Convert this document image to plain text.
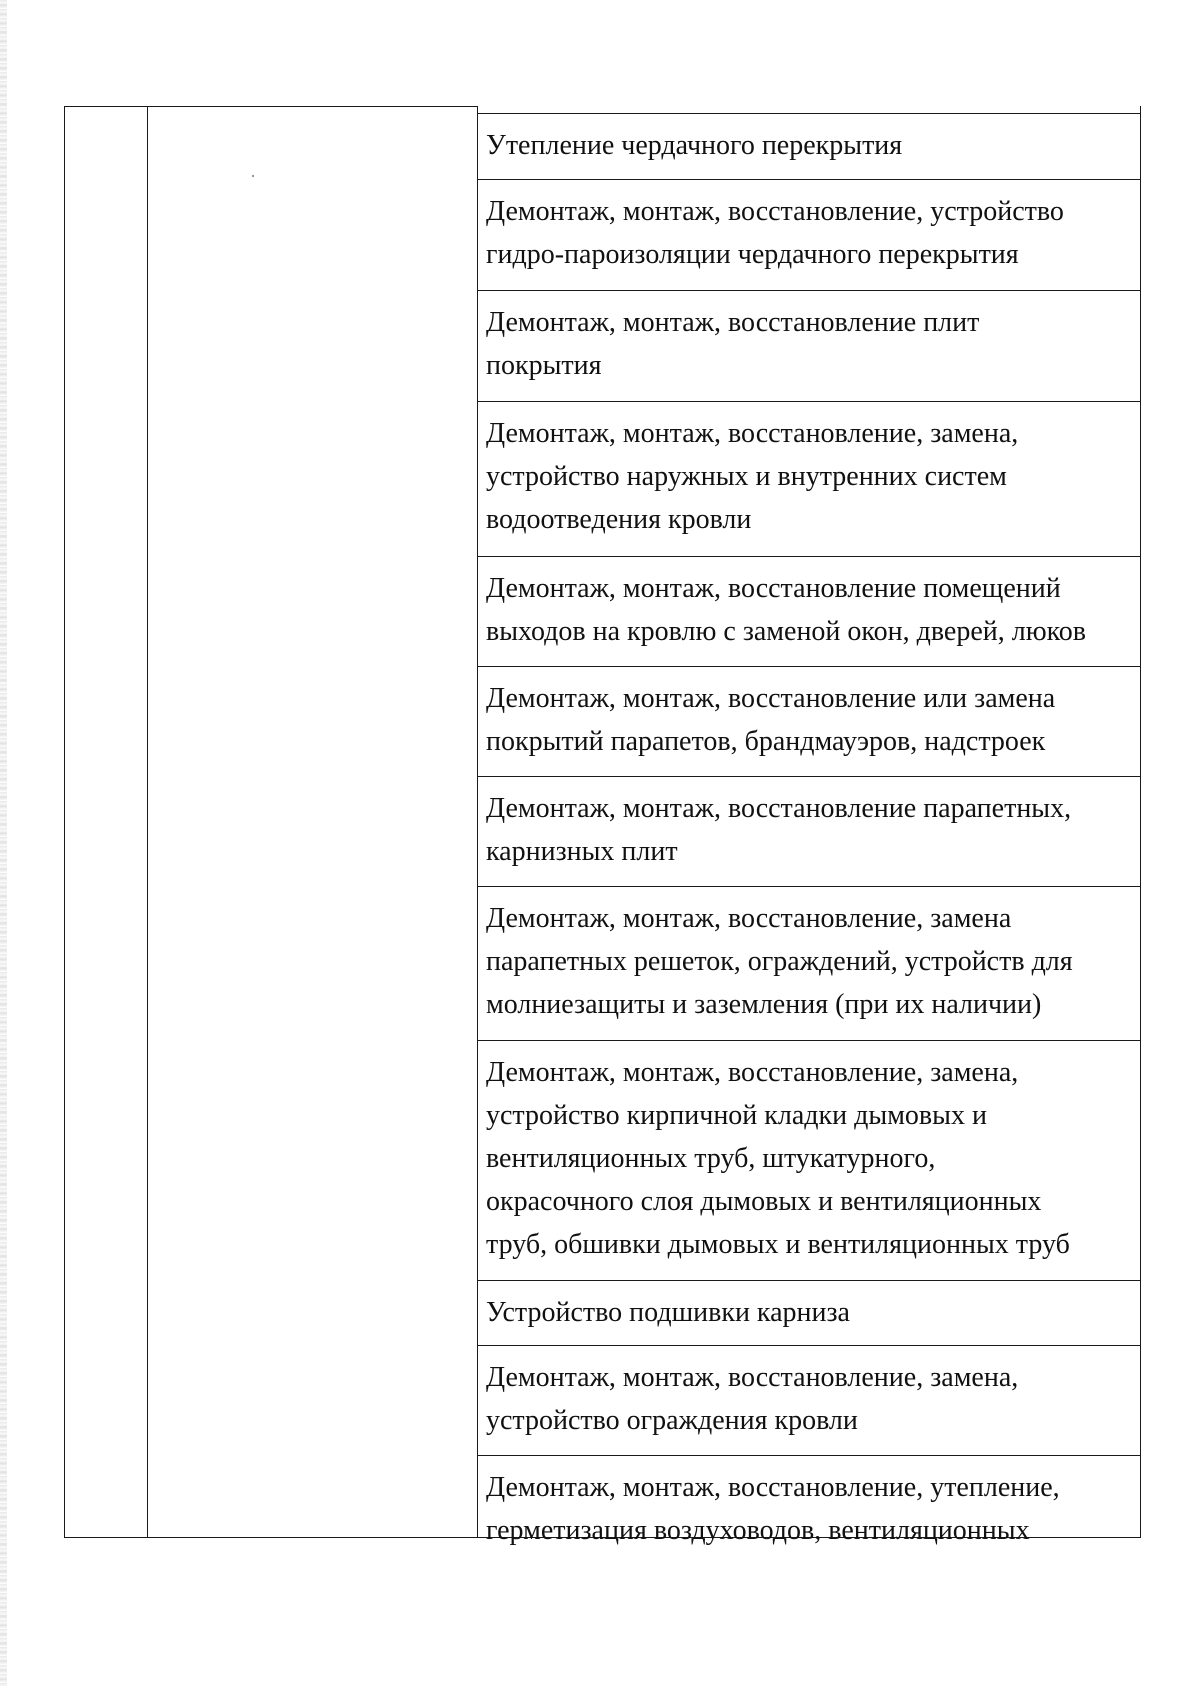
Утепление чердачного перекрытия
Демонтаж, монтаж, восстановление, устройство
гидро-пароизоляции чердачного перекрытия
Демонтаж, монтаж, восстановление плит
покрытия
Демонтаж, монтаж, восстановление, замена,
устройство наружных и внутренних систем
водоотведения кровли
Демонтаж, монтаж, восстановление помещений
выходов на кровлю с заменой окон, дверей, люков
Демонтаж, монтаж, восстановление или замена
покрытий парапетов, брандмауэров, надстроек
Демонтаж, монтаж, восстановление парапетных,
карнизных плит
Демонтаж, монтаж, восстановление, замена
парапетных решеток, ограждений, устройств для
молниезащиты и заземления (при их наличии)
Демонтаж, монтаж, восстановление, замена,
устройство кирпичной кладки дымовых и
вентиляционных труб, штукатурного,
окрасочного слоя дымовых и вентиляционных
труб, обшивки дымовых и вентиляционных труб
Устройство подшивки карниза
Демонтаж, монтаж, восстановление, замена,
устройство ограждения кровли
Демонтаж, монтаж, восстановление, утепление,
герметизация воздуховодов, вентиляционных
